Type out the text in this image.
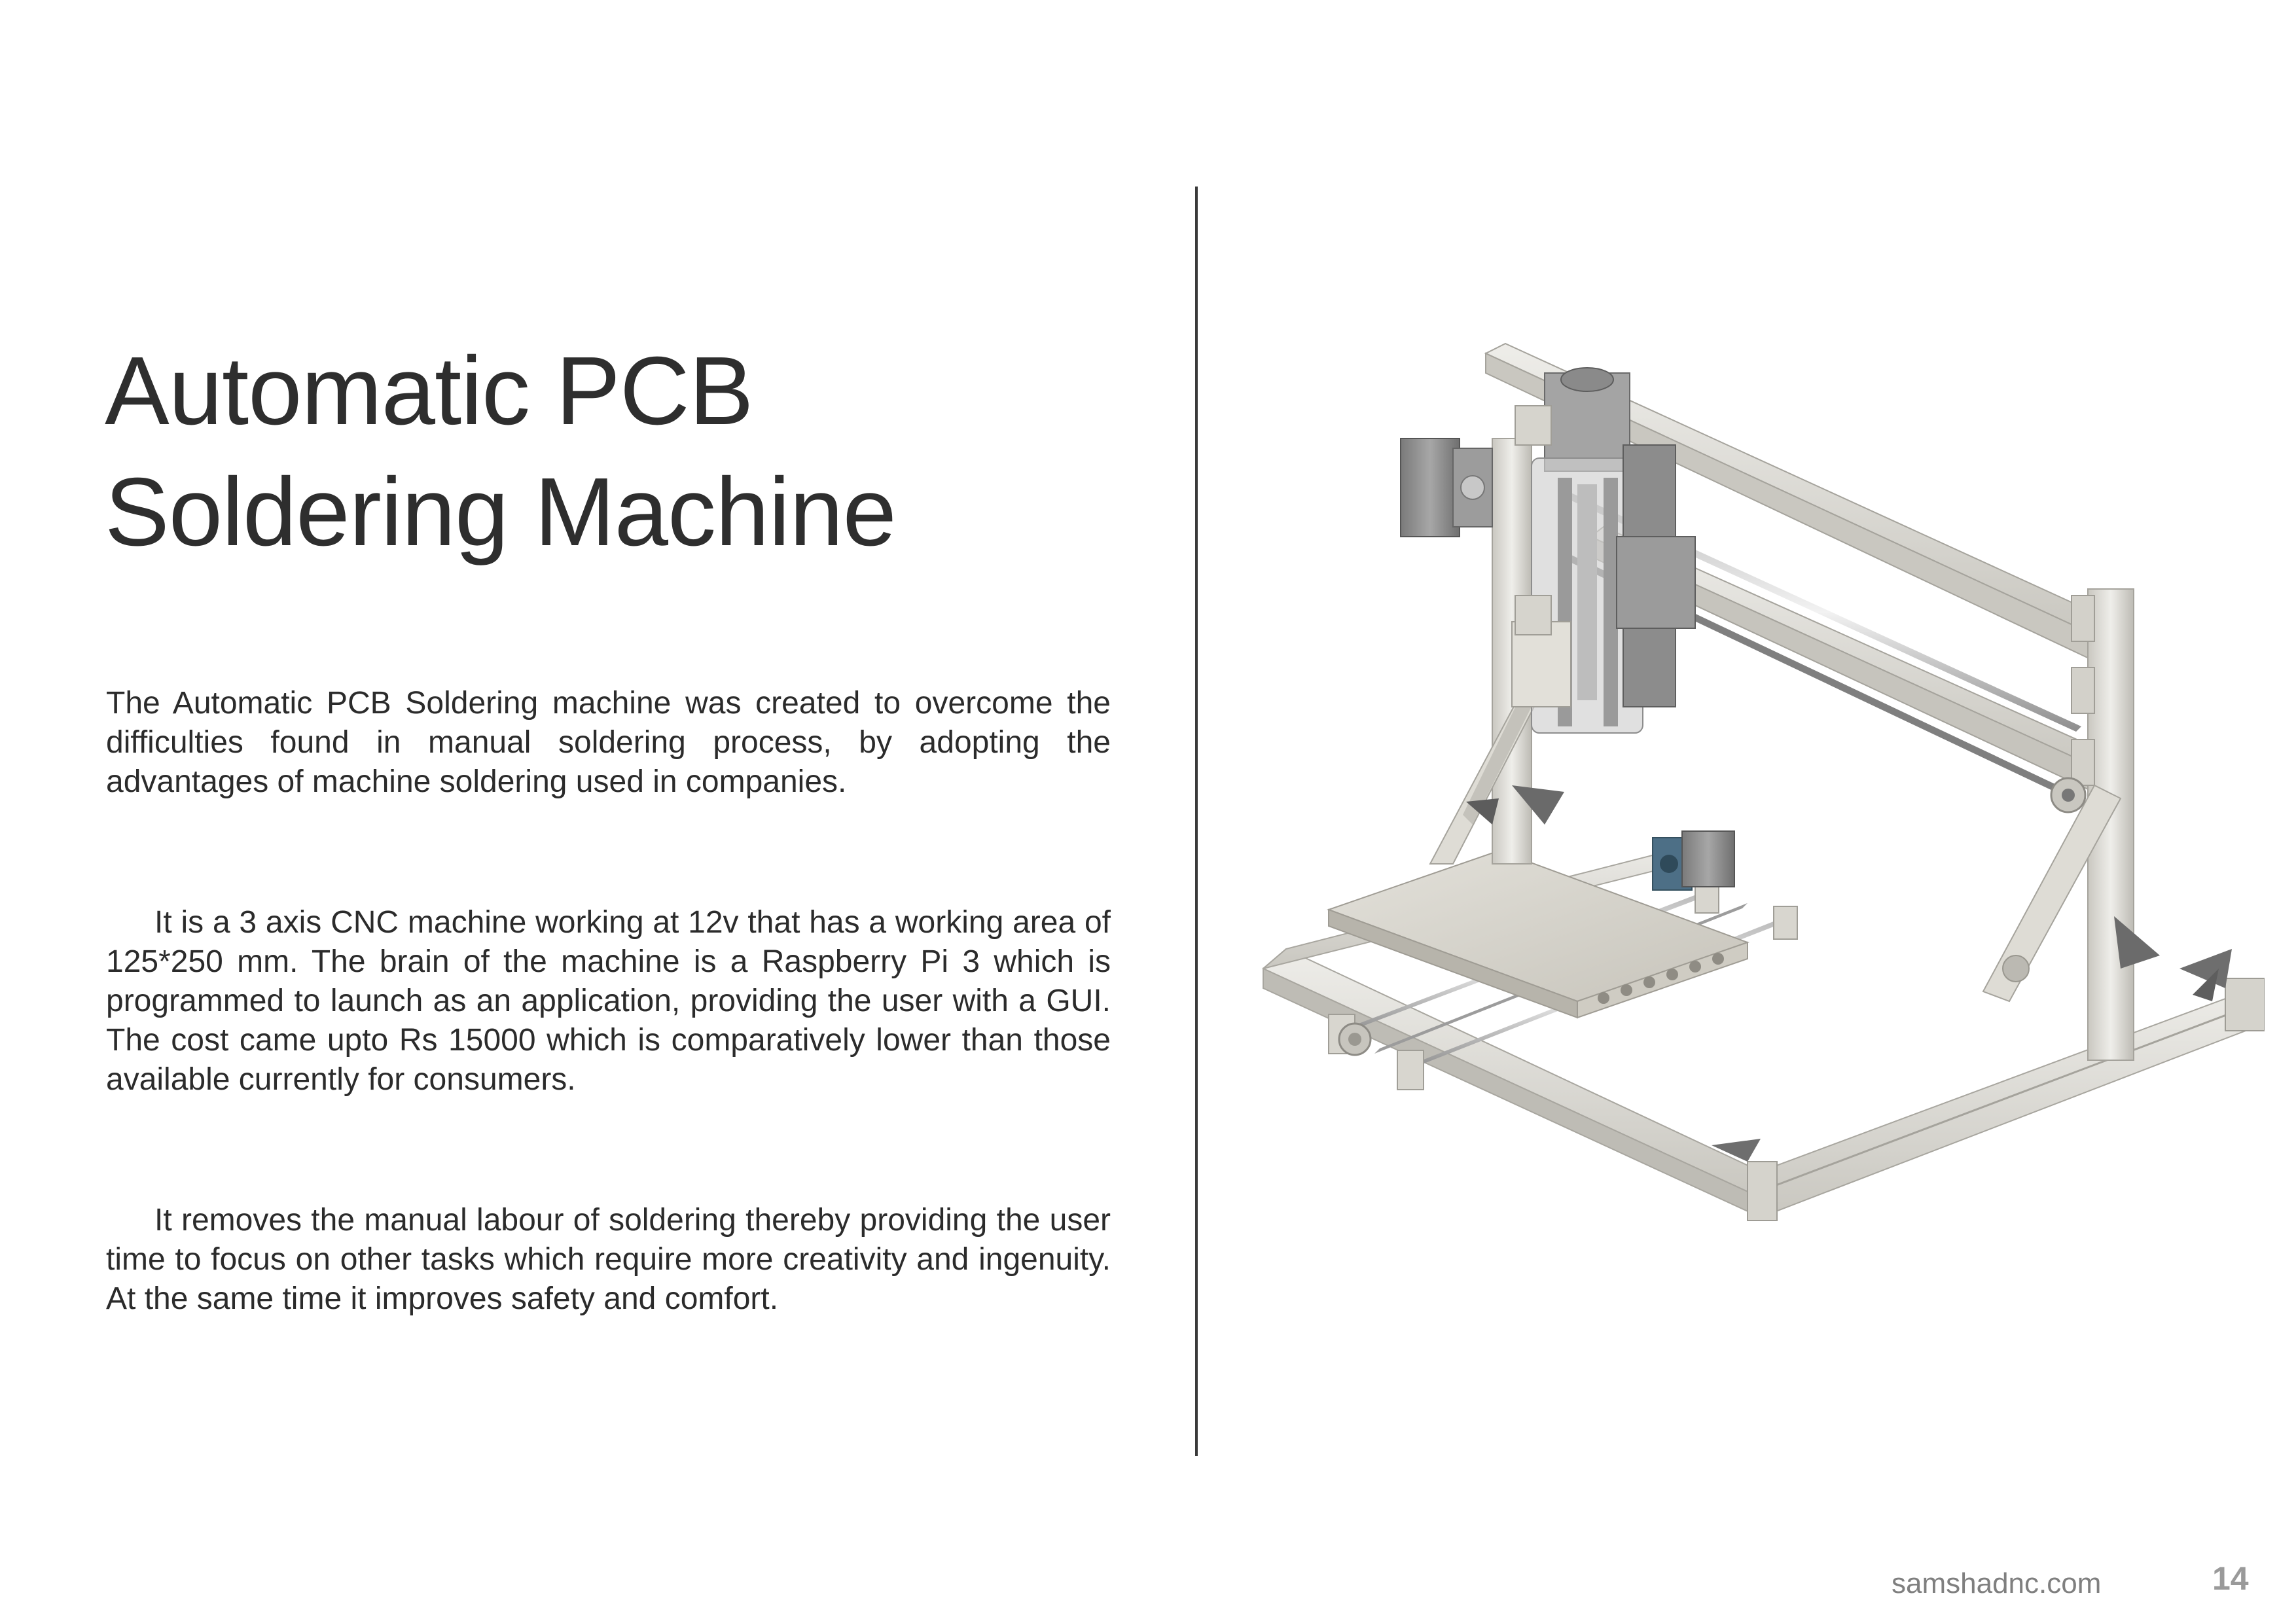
Automatic PCB
Soldering Machine

The Automatic PCB Soldering machine was created to overcome the difficulties found in manual soldering process, by adopting the advantages of machine soldering used in companies.

It is a 3 axis CNC machine working at 12v that has a working area of 125*250 mm. The brain of the machine is a Raspberry Pi 3 which is programmed to launch as an application, providing the user with a GUI. The cost came upto Rs 15000 which is comparatively lower than those available currently for consumers.

It removes the manual labour of soldering thereby providing the user time to focus on other tasks which require more creativity and ingenuity. At the same time it improves safety and comfort.

samshadnc.com	14
